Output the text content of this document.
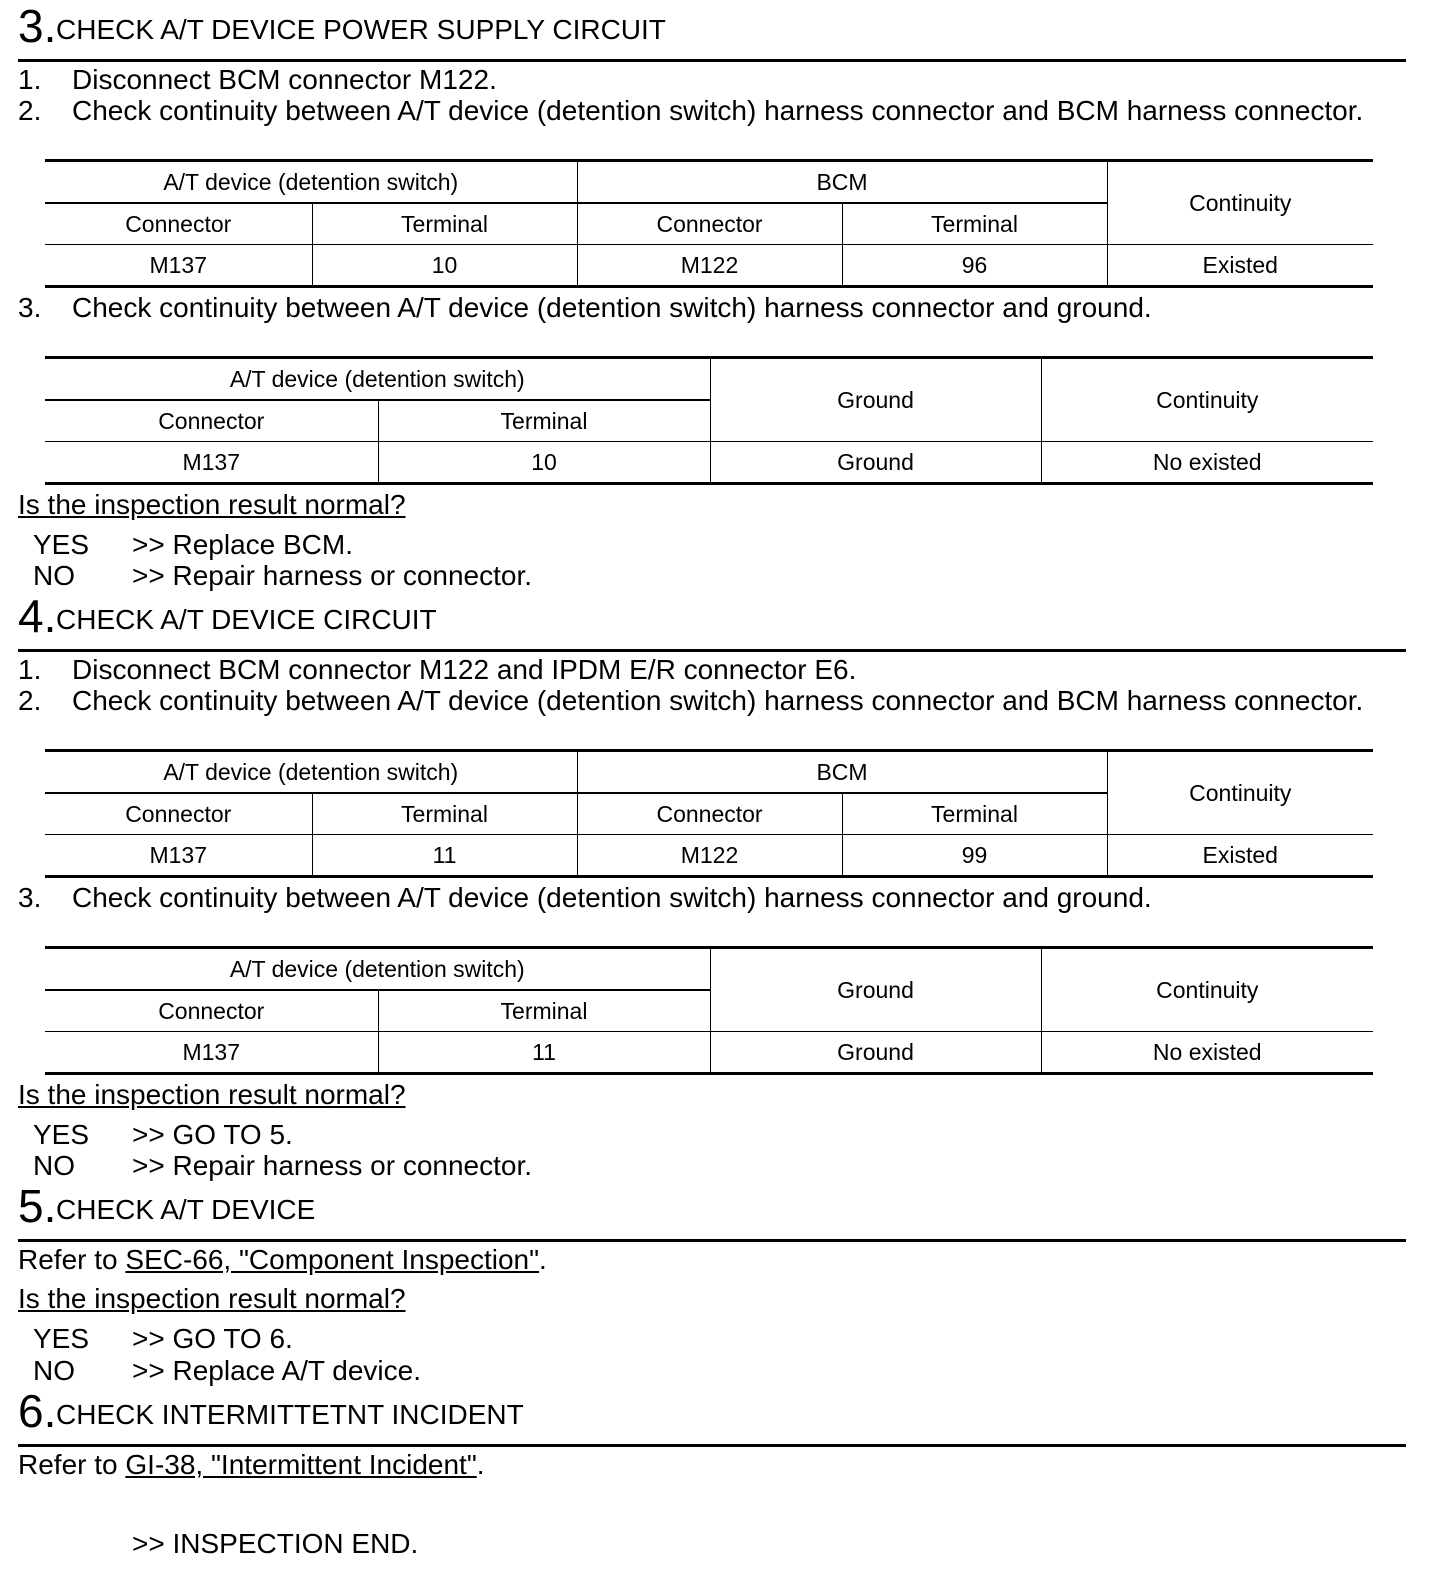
3. CHECK A/T DEVICE POWER SUPPLY CIRCUIT
1. Disconnect BCM connector M122.
2. Check continuity between A/T device (detention switch) harness connector and BCM harness connector.
A/T device (detention switch)		BCM		Continuity
Connector	Terminal	Connector	Terminal	
M137	10	M122	96	Existed
3. Check continuity between A/T device (detention switch) harness connector and ground.
A/T device (detention switch)		Ground	Continuity
Connector	Terminal		
M137	10	Ground	No existed
Is the inspection result normal?
YES >> Replace BCM.
NO >> Repair harness or connector.
4. CHECK A/T DEVICE CIRCUIT
1. Disconnect BCM connector M122 and IPDM E/R connector E6.
2. Check continuity between A/T device (detention switch) harness connector and BCM harness connector.
A/T device (detention switch)		BCM		Continuity
Connector	Terminal	Connector	Terminal	
M137	11	M122	99	Existed
3. Check continuity between A/T device (detention switch) harness connector and ground.
A/T device (detention switch)		Ground	Continuity
Connector	Terminal		
M137	11	Ground	No existed
Is the inspection result normal?
YES >> GO TO 5.
NO >> Repair harness or connector.
5. CHECK A/T DEVICE
Refer to SEC-66, "Component Inspection".
Is the inspection result normal?
YES >> GO TO 6.
NO >> Replace A/T device.
6. CHECK INTERMITTETNT INCIDENT
Refer to GI-38, "Intermittent Incident".
>> INSPECTION END.
